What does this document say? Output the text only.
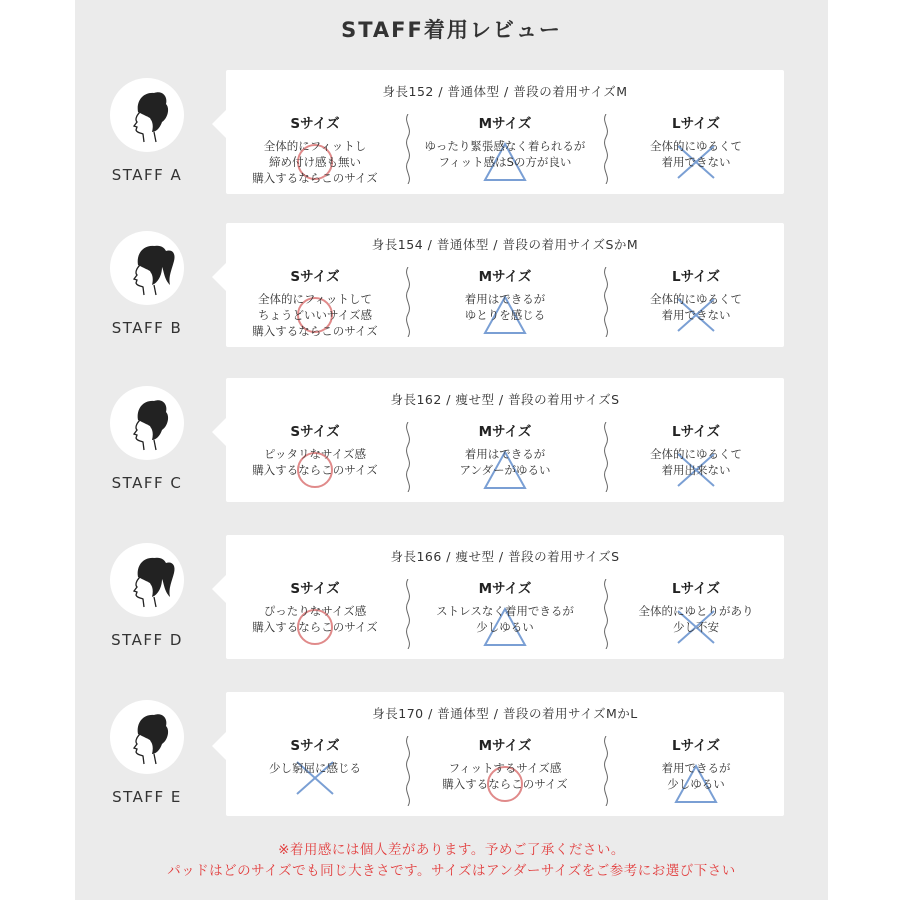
STAFF着用レビュー
STAFF A
身長152 / 普通体型 / 普段の着用サイズM
Sサイズ
全体的にフィットし
締め付け感も無い
購入するならこのサイズ
Mサイズ
ゆったり緊張感なく着られるが
フィット感はSの方が良い
Lサイズ
全体的にゆるくて
着用できない
STAFF B
身長154 / 普通体型 / 普段の着用サイズSかM
Sサイズ
全体的にフィットして
ちょうどいいサイズ感
購入するならこのサイズ
Mサイズ
着用はできるが
ゆとりを感じる
Lサイズ
全体的にゆるくて
着用できない
STAFF C
身長162 / 痩せ型 / 普段の着用サイズS
Sサイズ
ピッタリなサイズ感
購入するならこのサイズ
Mサイズ
着用はできるが
アンダーがゆるい
Lサイズ
全体的にゆるくて
着用出来ない
STAFF D
身長166 / 痩せ型 / 普段の着用サイズS
Sサイズ
ぴったりなサイズ感
購入するならこのサイズ
Mサイズ
ストレスなく着用できるが
少しゆるい
Lサイズ
全体的にゆとりがあり
少し不安
STAFF E
身長170 / 普通体型 / 普段の着用サイズMかL
Sサイズ
少し窮屈に感じる
Mサイズ
フィットするサイズ感
購入するならこのサイズ
Lサイズ
着用できるが
少しゆるい
※着用感には個人差があります。予めご了承ください。
パッドはどのサイズでも同じ大きさです。サイズはアンダーサイズをご参考にお選び下さい
